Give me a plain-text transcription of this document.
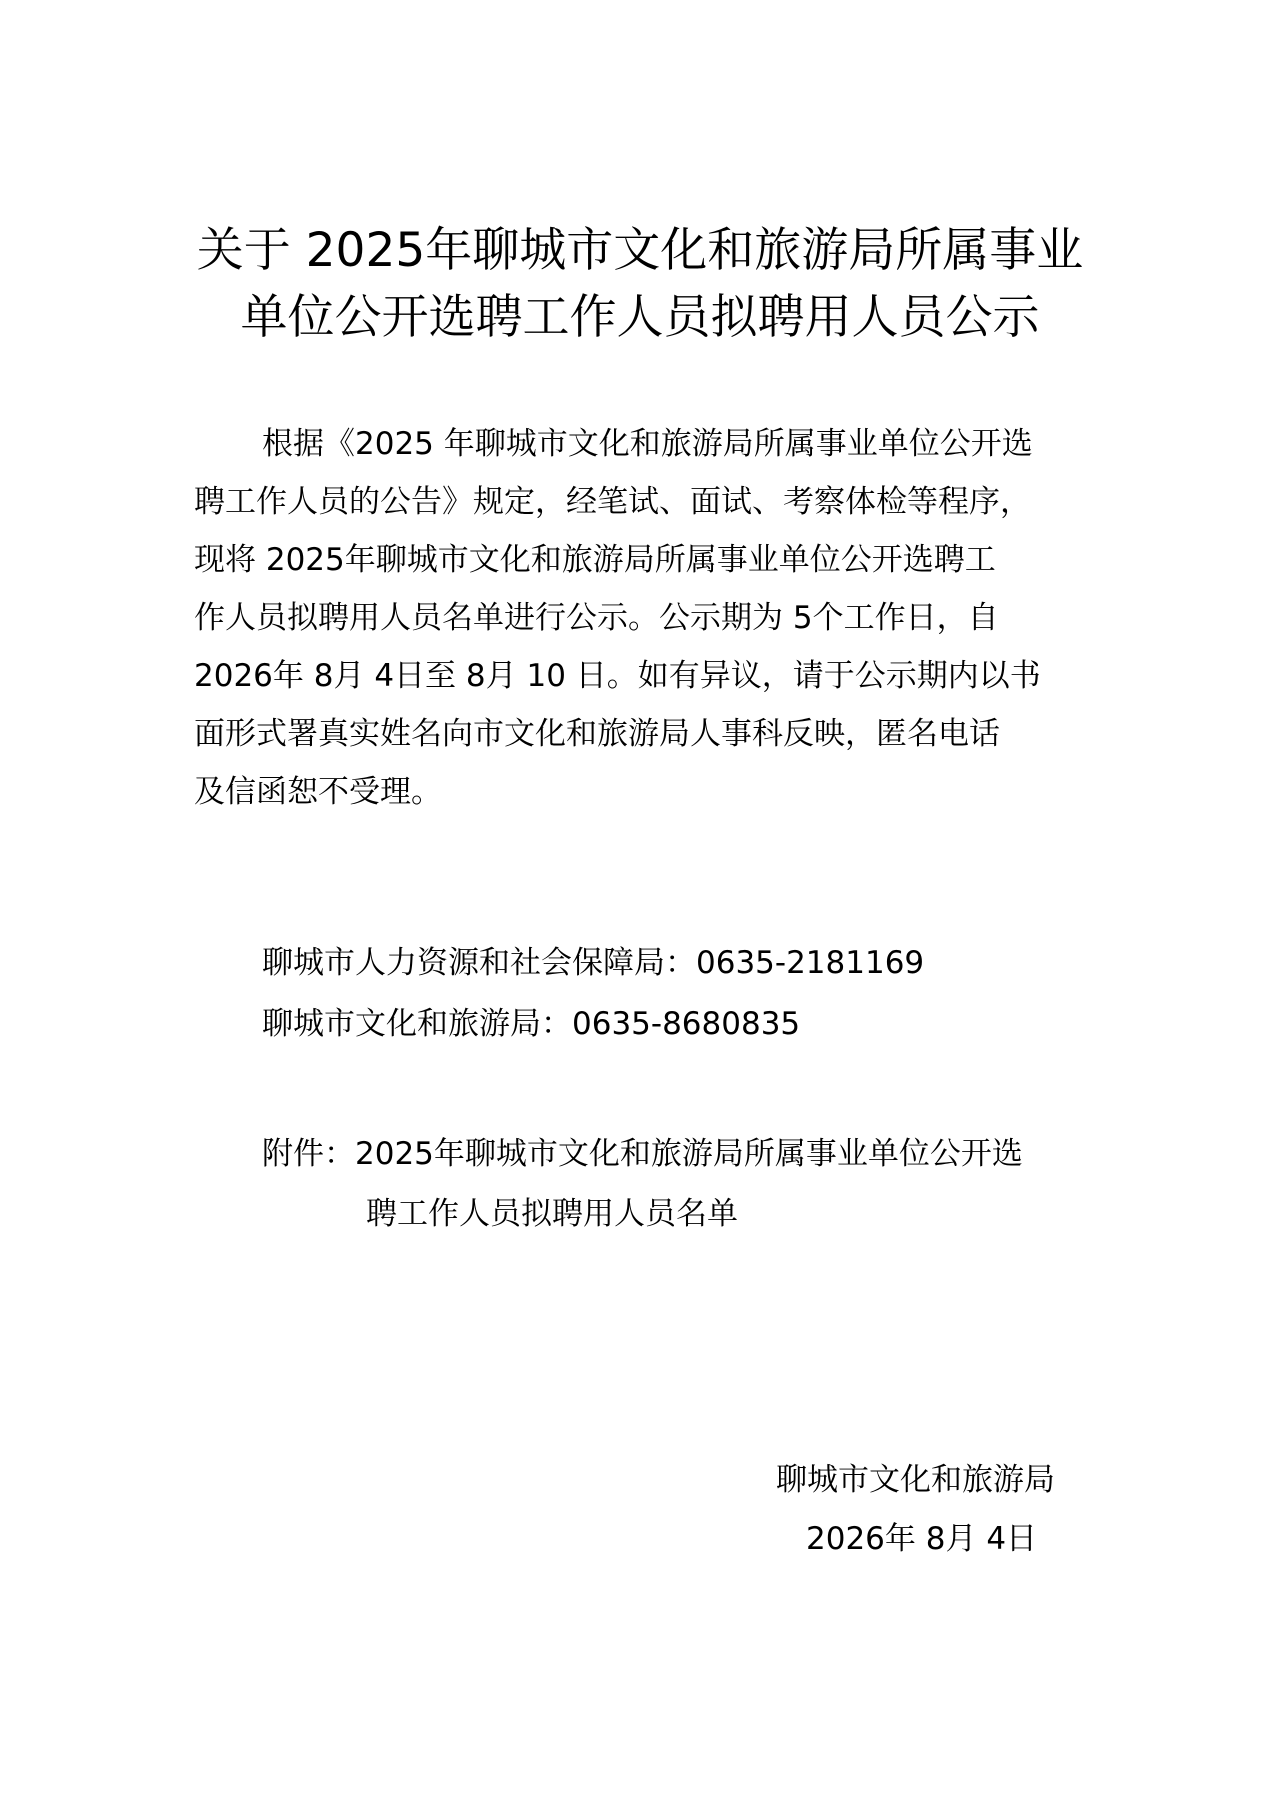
关于 2025年聊城市文化和旅游局所属事业
单位公开选聘工作人员拟聘用人员公示
根据《2025 年聊城市文化和旅游局所属事业单位公开选
聘工作人员的公告》规定，经笔试、面试、考察体检等程序，
现将 2025年聊城市文化和旅游局所属事业单位公开选聘工
作人员拟聘用人员名单进行公示。公示期为 5个工作日，自
2026年 8月 4日至 8月 10 日。如有异议，请于公示期内以书
面形式署真实姓名向市文化和旅游局人事科反映，匿名电话
及信函恕不受理。
聊城市人力资源和社会保障局：0635-2181169
聊城市文化和旅游局：0635-8680835
附件：2025年聊城市文化和旅游局所属事业单位公开选
聘工作人员拟聘用人员名单
聊城市文化和旅游局
2026年 8月 4日
